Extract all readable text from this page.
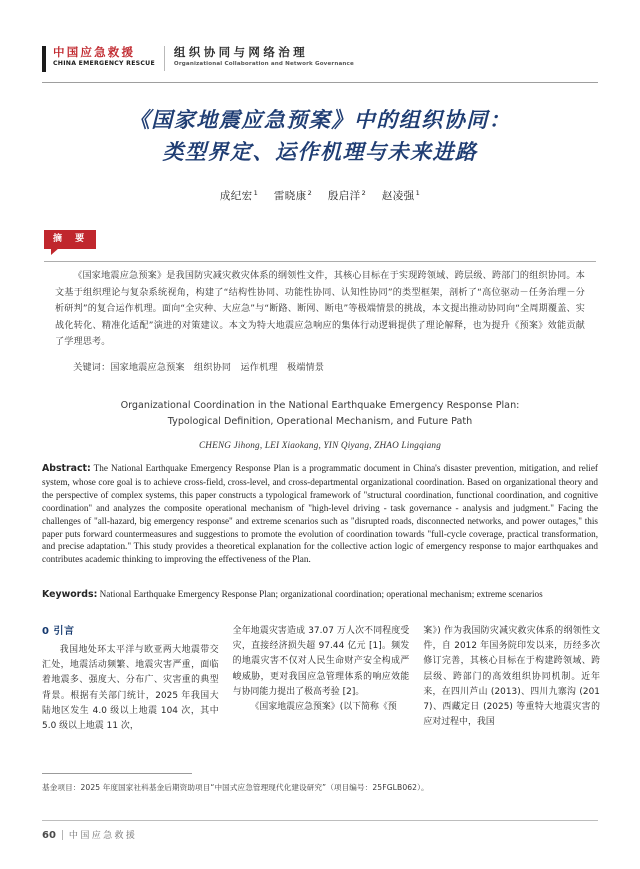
中国应急救援
CHINA EMERGENCY RESCUE
组织协同与网络治理
Organizational Collaboration and Network Governance
《国家地震应急预案》中的组织协同：
类型界定、运作机理与未来进路
成纪宏$^1$ 雷晓康$^2$ 殷启洋$^2$ 赵凌强$^1$
摘 要
《国家地震应急预案》是我国防灾减灾救灾体系的纲领性文件，其核心目标在于实现跨领域、跨层级、跨部门的组织协同。本文基于组织理论与复杂系统视角，构建了“结构性协同、功能性协同、认知性协同”的类型框架，剖析了“高位驱动－任务治理－分析研判”的复合运作机理。面向“全灾种、大应急”与“断路、断网、断电”等极端情景的挑战，本文提出推动协同向“全周期覆盖、实战化转化、精准化适配”演进的对策建议。本文为特大地震应急响应的集体行动逻辑提供了理论解释，也为提升《预案》效能贡献了学理思考。
关键词：国家地震应急预案　组织协同　运作机理　极端情景
Organizational Coordination in the National Earthquake Emergency Response Plan:
Typological Definition, Operational Mechanism, and Future Path
CHENG Jihong, LEI Xiaokang, YIN Qiyang, ZHAO Lingqiang
Abstract: The National Earthquake Emergency Response Plan is a programmatic document in China's disaster prevention, mitigation, and relief system, whose core goal is to achieve cross-field, cross-level, and cross-departmental organizational coordination. Based on organizational theory and the perspective of complex systems, this paper constructs a typological framework of "structural coordination, functional coordination, and cognitive coordination" and analyzes the composite operational mechanism of "high-level driving - task governance - analysis and judgment." Facing the challenges of "all-hazard, big emergency response" and extreme scenarios such as "disrupted roads, disconnected networks, and power outages," this paper puts forward countermeasures and suggestions to promote the evolution of coordination towards "full-cycle coverage, practical transformation, and precise adaptation." This study provides a theoretical explanation for the collective action logic of emergency response to major earthquakes and contributes academic thinking to improving the effectiveness of the Plan.
Keywords: National Earthquake Emergency Response Plan; organizational coordination; operational mechanism; extreme scenarios
0 引言
我国地处环太平洋与欧亚两大地震带交汇处，地震活动频繁、地震灾害严重，面临着地震多、强度大、分布广、灾害重的典型背景。根据有关部门统计，2025 年我国大陆地区发生 4.0 级以上地震 104 次，其中 5.0 级以上地震 11 次，
全年地震灾害造成 37.07 万人次不同程度受灾，直接经济损失超 97.44 亿元 [1]。频发的地震灾害不仅对人民生命财产安全构成严峻威胁，更对我国应急管理体系的响应效能与协同能力提出了极高考验 [2]。
《国家地震应急预案》(以下简称《预
案》) 作为我国防灾减灾救灾体系的纲领性文件，自 2012 年国务院印发以来，历经多次修订完善，其核心目标在于构建跨领域、跨层级、跨部门的高效组织协同机制。近年来，在四川芦山 (2013)、四川九寨沟 (2017)、西藏定日 (2025) 等重特大地震灾害的应对过程中，我国
基金项目：2025 年度国家社科基金后期资助项目“中国式应急管理现代化建设研究”（项目编号：25FGLB062）。
60 中国应急救援
